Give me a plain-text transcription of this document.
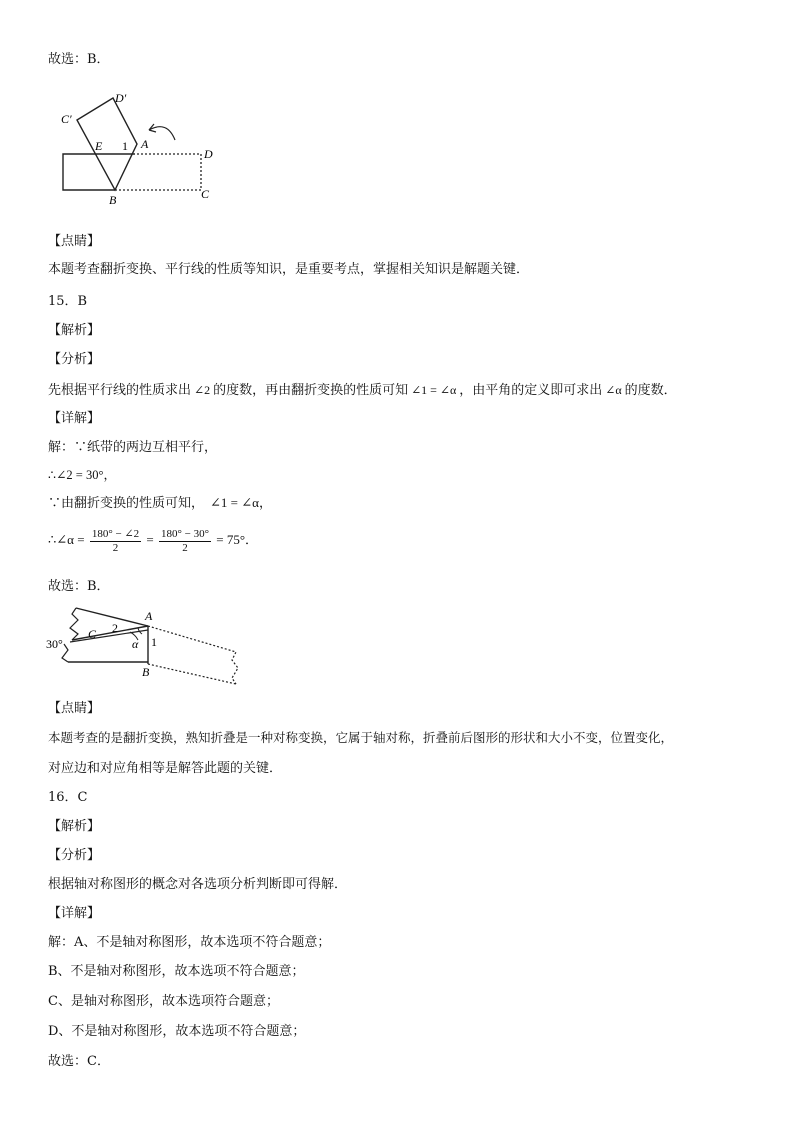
故选：B．
C′
D′
E 1 A
D
B	C
【点睛】
本题考查翻折变换、平行线的性质等知识，是重要考点，掌握相关知识是解题关键．
15．B
【解析】
【分析】
先根据平行线的性质求出 ∠2 的度数，再由翻折变换的性质可知 ∠1 = ∠α ，由平角的定义即可求出 ∠α 的度数．
【详解】
解：∵纸带的两边互相平行，
∴∠2 = 30°，
∵由翻折变换的性质可知， ∠1 = ∠α，
∴∠α = $\frac{180^\circ - \angle 2}{2} = \frac{180^\circ - 30^\circ}{2} = 75^\circ$．
故选：B．
A
C 2
30°	α 1
B
【点睛】
本题考查的是翻折变换，熟知折叠是一种对称变换，它属于轴对称，折叠前后图形的形状和大小不变，位置变化，
对应边和对应角相等是解答此题的关键．
16．C
【解析】
【分析】
根据轴对称图形的概念对各选项分析判断即可得解．
【详解】
解：A、不是轴对称图形，故本选项不符合题意；
B、不是轴对称图形，故本选项不符合题意；
C、是轴对称图形，故本选项符合题意；
D、不是轴对称图形，故本选项不符合题意；
故选：C．
